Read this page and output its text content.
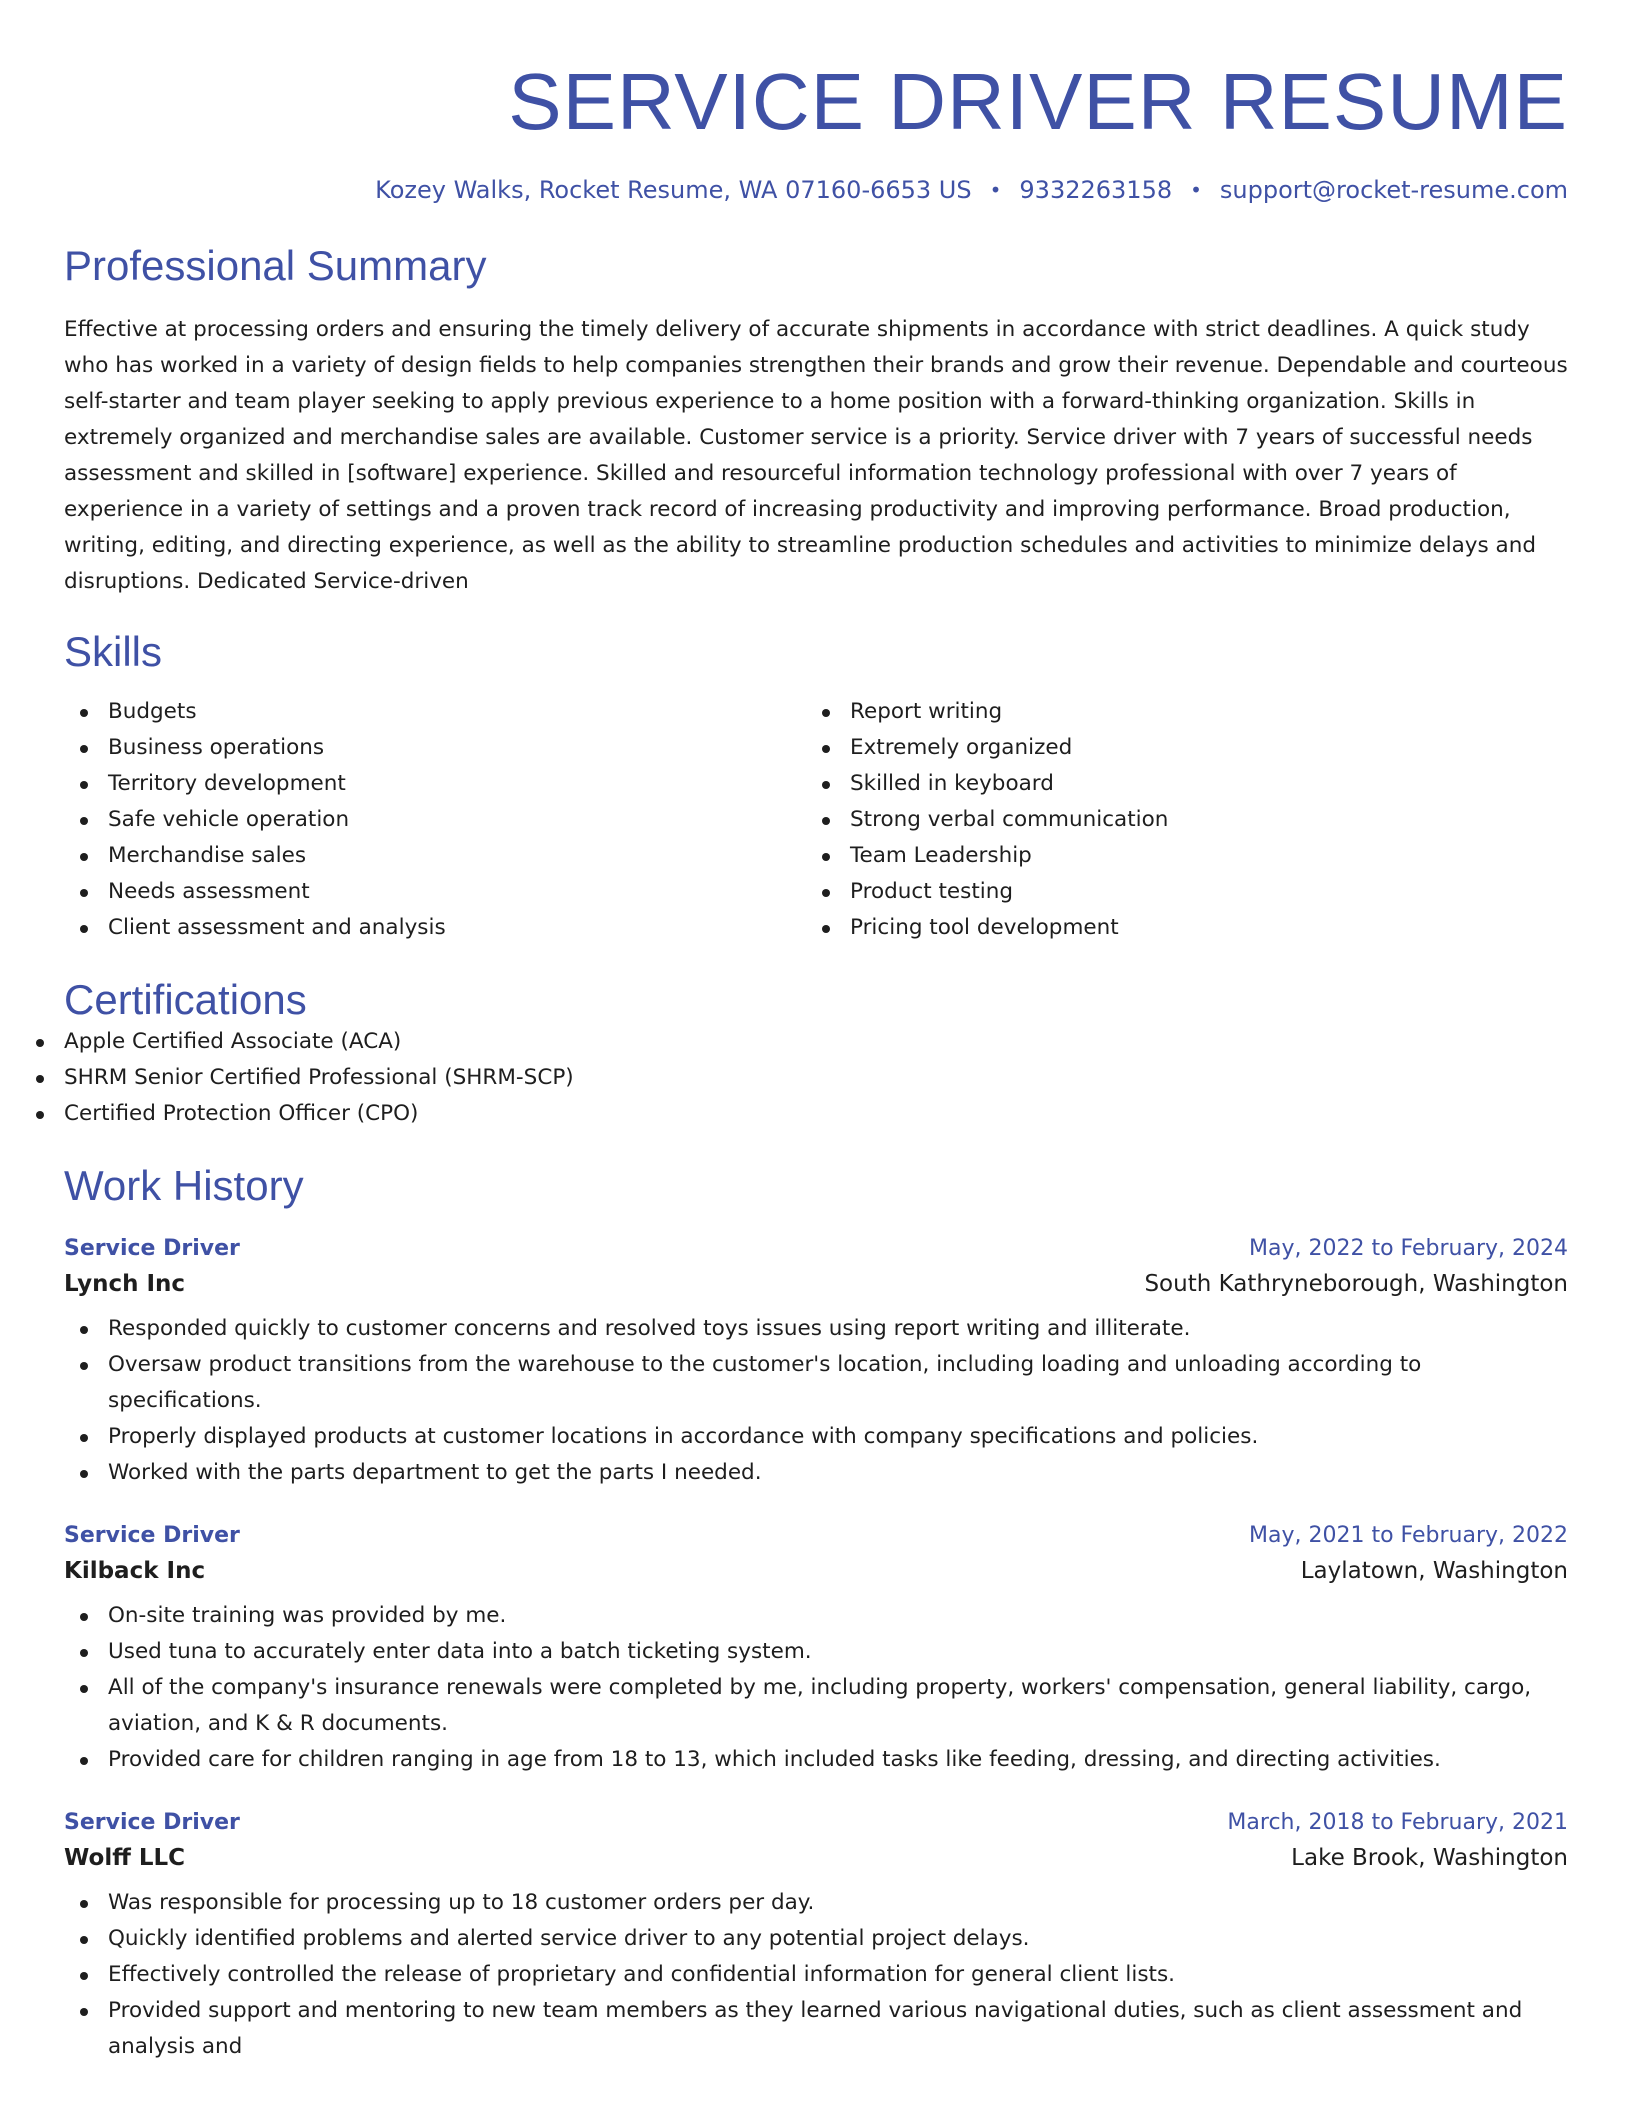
SERVICE DRIVER RESUME
Kozey Walks, Rocket Resume, WA 07160-6653 US • 9332263158 • support@rocket-resume.com
Professional Summary
Effective at processing orders and ensuring the timely delivery of accurate shipments in accordance with strict deadlines. A quick study who has worked in a variety of design fields to help companies strengthen their brands and grow their revenue. Dependable and courteous self-starter and team player seeking to apply previous experience to a home position with a forward-thinking organization. Skills in extremely organized and merchandise sales are available. Customer service is a priority. Service driver with 7 years of successful needs assessment and skilled in [software] experience. Skilled and resourceful information technology professional with over 7 years of experience in a variety of settings and a proven track record of increasing productivity and improving performance. Broad production, writing, editing, and directing experience, as well as the ability to streamline production schedules and activities to minimize delays and disruptions. Dedicated Service-driven
Skills
Budgets
Business operations
Territory development
Safe vehicle operation
Merchandise sales
Needs assessment
Client assessment and analysis
Report writing
Extremely organized
Skilled in keyboard
Strong verbal communication
Team Leadership
Product testing
Pricing tool development
Certifications
Apple Certified Associate (ACA)
SHRM Senior Certified Professional (SHRM-SCP)
Certified Protection Officer (CPO)
Work History
Service Driver	May, 2022 to February, 2024
Lynch Inc	South Kathryneborough, Washington
Responded quickly to customer concerns and resolved toys issues using report writing and illiterate.
Oversaw product transitions from the warehouse to the customer's location, including loading and unloading according to specifications.
Properly displayed products at customer locations in accordance with company specifications and policies.
Worked with the parts department to get the parts I needed.
Service Driver	May, 2021 to February, 2022
Kilback Inc	Laylatown, Washington
On-site training was provided by me.
Used tuna to accurately enter data into a batch ticketing system.
All of the company's insurance renewals were completed by me, including property, workers' compensation, general liability, cargo, aviation, and K & R documents.
Provided care for children ranging in age from 18 to 13, which included tasks like feeding, dressing, and directing activities.
Service Driver	March, 2018 to February, 2021
Wolff LLC	Lake Brook, Washington
Was responsible for processing up to 18 customer orders per day.
Quickly identified problems and alerted service driver to any potential project delays.
Effectively controlled the release of proprietary and confidential information for general client lists.
Provided support and mentoring to new team members as they learned various navigational duties, such as client assessment and analysis and
